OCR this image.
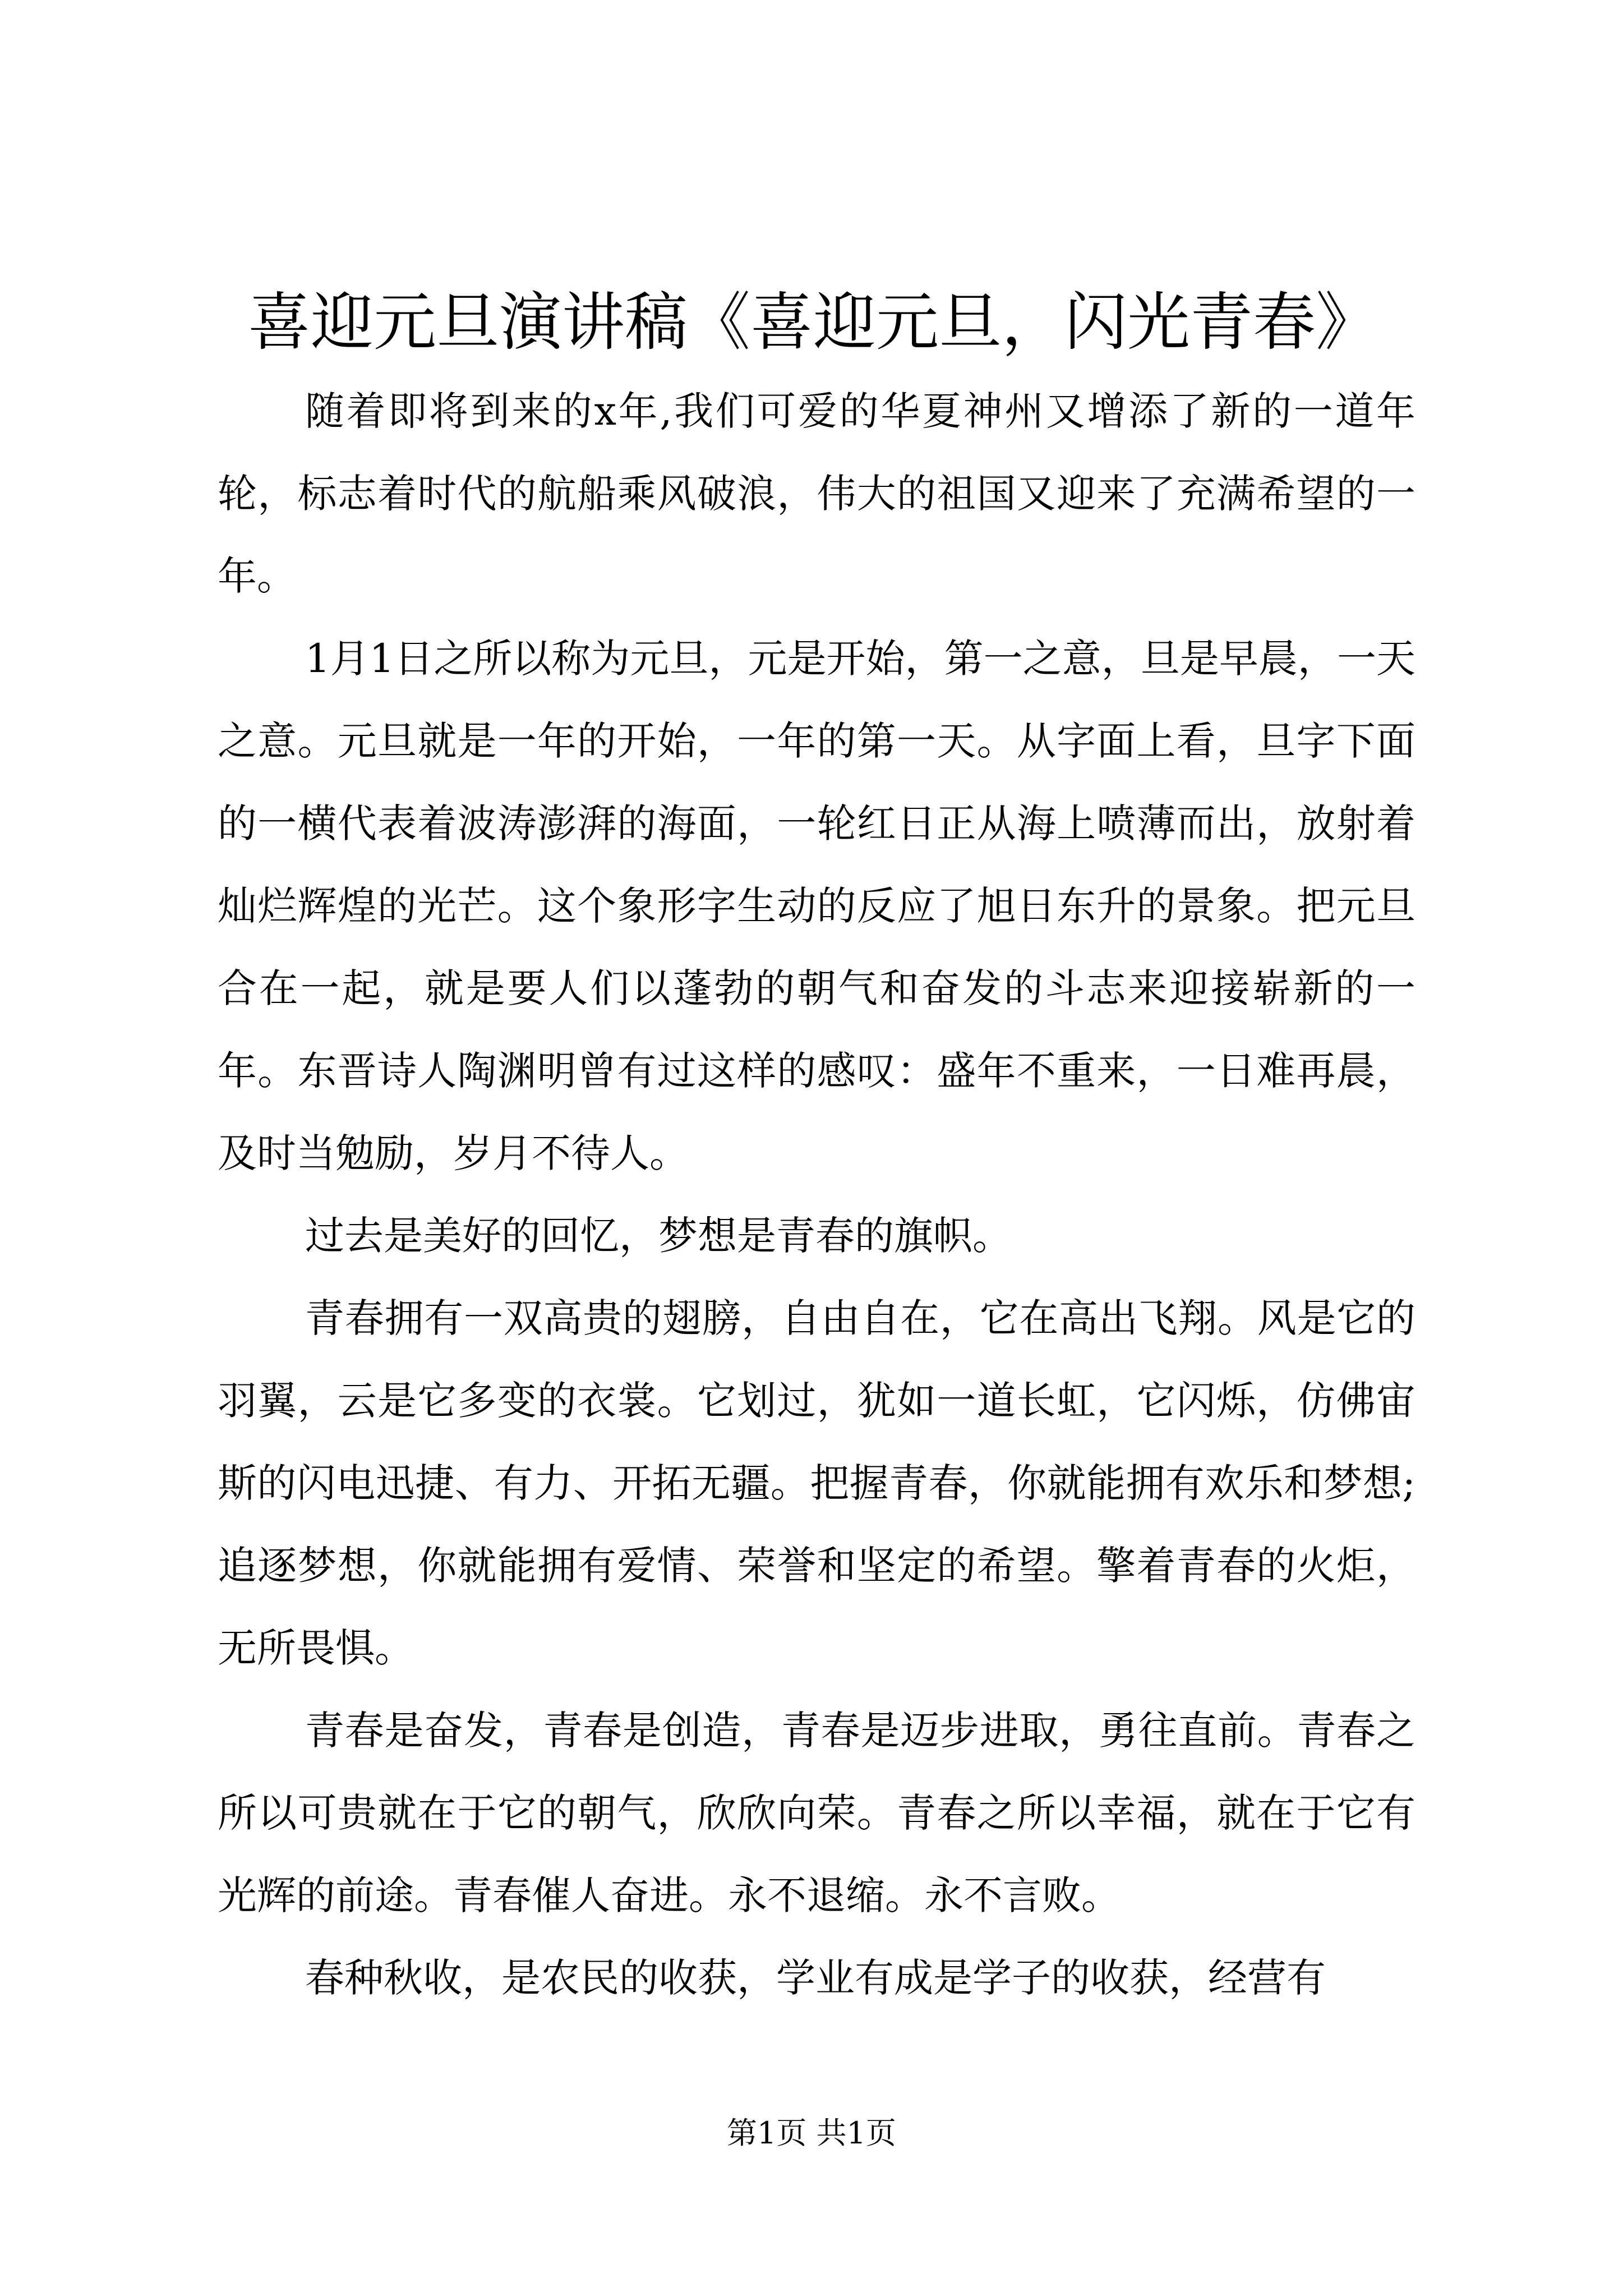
喜迎元旦演讲稿《喜迎元旦，闪光青春》

随着即将到来的x年,我们可爱的华夏神州又增添了新的一道年轮，标志着时代的航船乘风破浪，伟大的祖国又迎来了充满希望的一年。

1月1日之所以称为元旦，元是开始，第一之意，旦是早晨，一天之意。元旦就是一年的开始，一年的第一天。从字面上看，旦字下面的一横代表着波涛澎湃的海面，一轮红日正从海上喷薄而出，放射着灿烂辉煌的光芒。这个象形字生动的反应了旭日东升的景象。把元旦合在一起，就是要人们以蓬勃的朝气和奋发的斗志来迎接崭新的一年。东晋诗人陶渊明曾有过这样的感叹：盛年不重来，一日难再晨，及时当勉励，岁月不待人。

过去是美好的回忆，梦想是青春的旗帜。

青春拥有一双高贵的翅膀，自由自在，它在高出飞翔。风是它的羽翼，云是它多变的衣裳。它划过，犹如一道长虹，它闪烁，仿佛宙斯的闪电迅捷、有力、开拓无疆。把握青春，你就能拥有欢乐和梦想;追逐梦想，你就能拥有爱情、荣誉和坚定的希望。擎着青春的火炬，无所畏惧。

青春是奋发，青春是创造，青春是迈步进取，勇往直前。青春之所以可贵就在于它的朝气，欣欣向荣。青春之所以幸福，就在于它有光辉的前途。青春催人奋进。永不退缩。永不言败。

春种秋收，是农民的收获，学业有成是学子的收获，经营有

第1页 共1页
